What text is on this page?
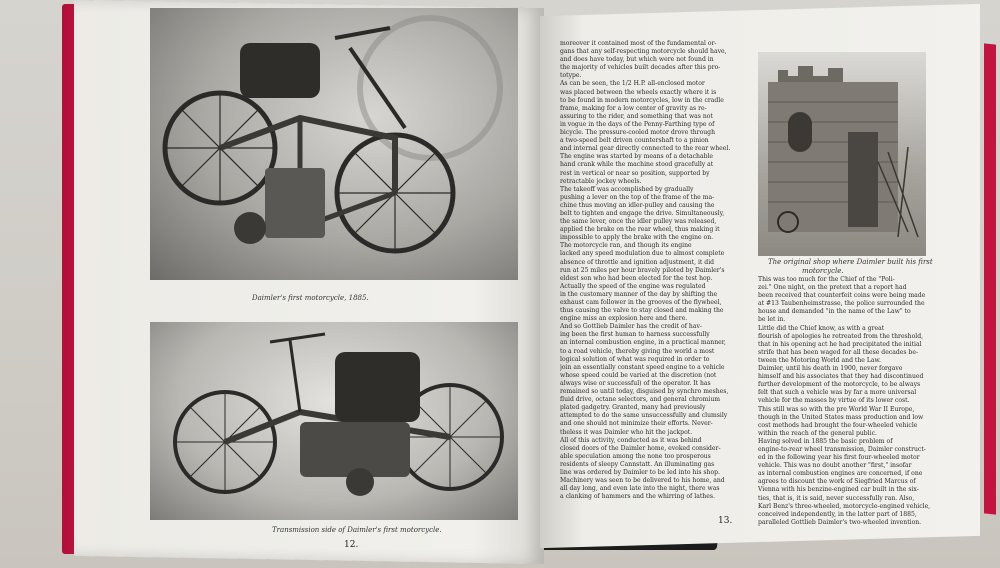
Daimler's first motorcycle, 1885.
Transmission side of Daimler's first motorcycle.
12.
The original shop where Daimler built his first
motorcycle.
moreover it contained most of the fundamental or-
gans that any self-respecting motorcycle should have,
and does have today, but which were not found in
the majority of vehicles built decades after this pro-
totype.
As can be seen, the 1/2 H.P. all-enclosed motor
was placed between the wheels exactly where it is
to be found in modern motorcycles, low in the cradle
frame, making for a low center of gravity as re-
assuring to the rider, and something that was not
in vogue in the days of the Penny-Farthing type of
bicycle. The pressure-cooled motor drove through
a two-speed belt driven countershaft to a pinion
and internal gear directly connected to the rear wheel.
The engine was started by means of a detachable
hand crank while the machine stood gracefully at
rest in vertical or near so position, supported by
retractable jockey wheels.
The takeoff was accomplished by gradually
pushing a lever on the top of the frame of the ma-
chine thus moving an idler-pulley and causing the
belt to tighten and engage the drive. Simultaneously,
the same lever, once the idler pulley was released,
applied the brake on the rear wheel, thus making it
impossible to apply the brake with the engine on.
The motorcycle ran, and though its engine
lacked any speed modulation due to almost complete
absence of throttle and ignition adjustment, it did
run at 25 miles per hour bravely piloted by Daimler's
eldest son who had been elected for the test hop.
Actually the speed of the engine was regulated
in the customary manner of the day by shifting the
exhaust cam follower in the grooves of the flywheel,
thus causing the valve to stay closed and making the
engine miss an explosion here and there.
And so Gottlieb Daimler has the credit of hav-
ing been the first human to harness successfully
an internal combustion engine, in a practical manner,
to a road vehicle, thereby giving the world a most
logical solution of what was required in order to
join an essentially constant speed engine to a vehicle
whose speed could be varied at the discretion (not
always wise or successful) of the operator. It has
remained so until today, disguised by synchro meshes,
fluid drive, octane selectors, and general chromium
plated gadgetry. Granted, many had previously
attempted to do the same unsuccessfully and clumsily
and one should not minimize their efforts. Never-
theless it was Daimler who hit the jackpot.
All of this activity, conducted as it was behind
closed doors of the Daimler home, evoked consider-
able speculation among the none too prosperous
residents of sleepy Cannstatt. An illuminating gas
line was ordered by Daimler to be led into his shop.
Machinery was seen to be delivered to his home, and
all day long, and even late into the night, there was
a clanking of hammers and the whirring of lathes.
This was too much for the Chief of the "Poli-
zei." One night, on the pretext that a report had
been received that counterfeit coins were being made
at #13 Taubenheimstrasse, the police surrounded the
house and demanded "in the name of the Law" to
be let in.
Little did the Chief know, as with a great
flourish of apologies he retreated from the threshold,
that in his opening act he had precipitated the initial
strife that has been waged for all these decades be-
tween the Motoring World and the Law.
Daimler, until his death in 1900, never forgave
himself and his associates that they had discontinued
further development of the motorcycle, to be always
felt that such a vehicle was by far a more universal
vehicle for the masses by virtue of its lower cost.
This still was so with the pre World War II Europe,
though in the United States mass production and low
cost methods had brought the four-wheeled vehicle
within the reach of the general public.
Having solved in 1885 the basic problem of
engine-to-rear wheel transmission, Daimler construct-
ed in the following year his first four-wheeled motor
vehicle. This was no doubt another "first," insofar
as internal combustion engines are concerned, if one
agrees to discount the work of Siegfried Marcus of
Vienna with his benzine-engined car built in the six-
ties, that is, it is said, never successfully ran. Also,
Karl Benz's three-wheeled, motorcycle-engined vehicle,
conceived independently, in the latter part of 1885,
paralleled Gottlieb Daimler's two-wheeled invention.
13.
